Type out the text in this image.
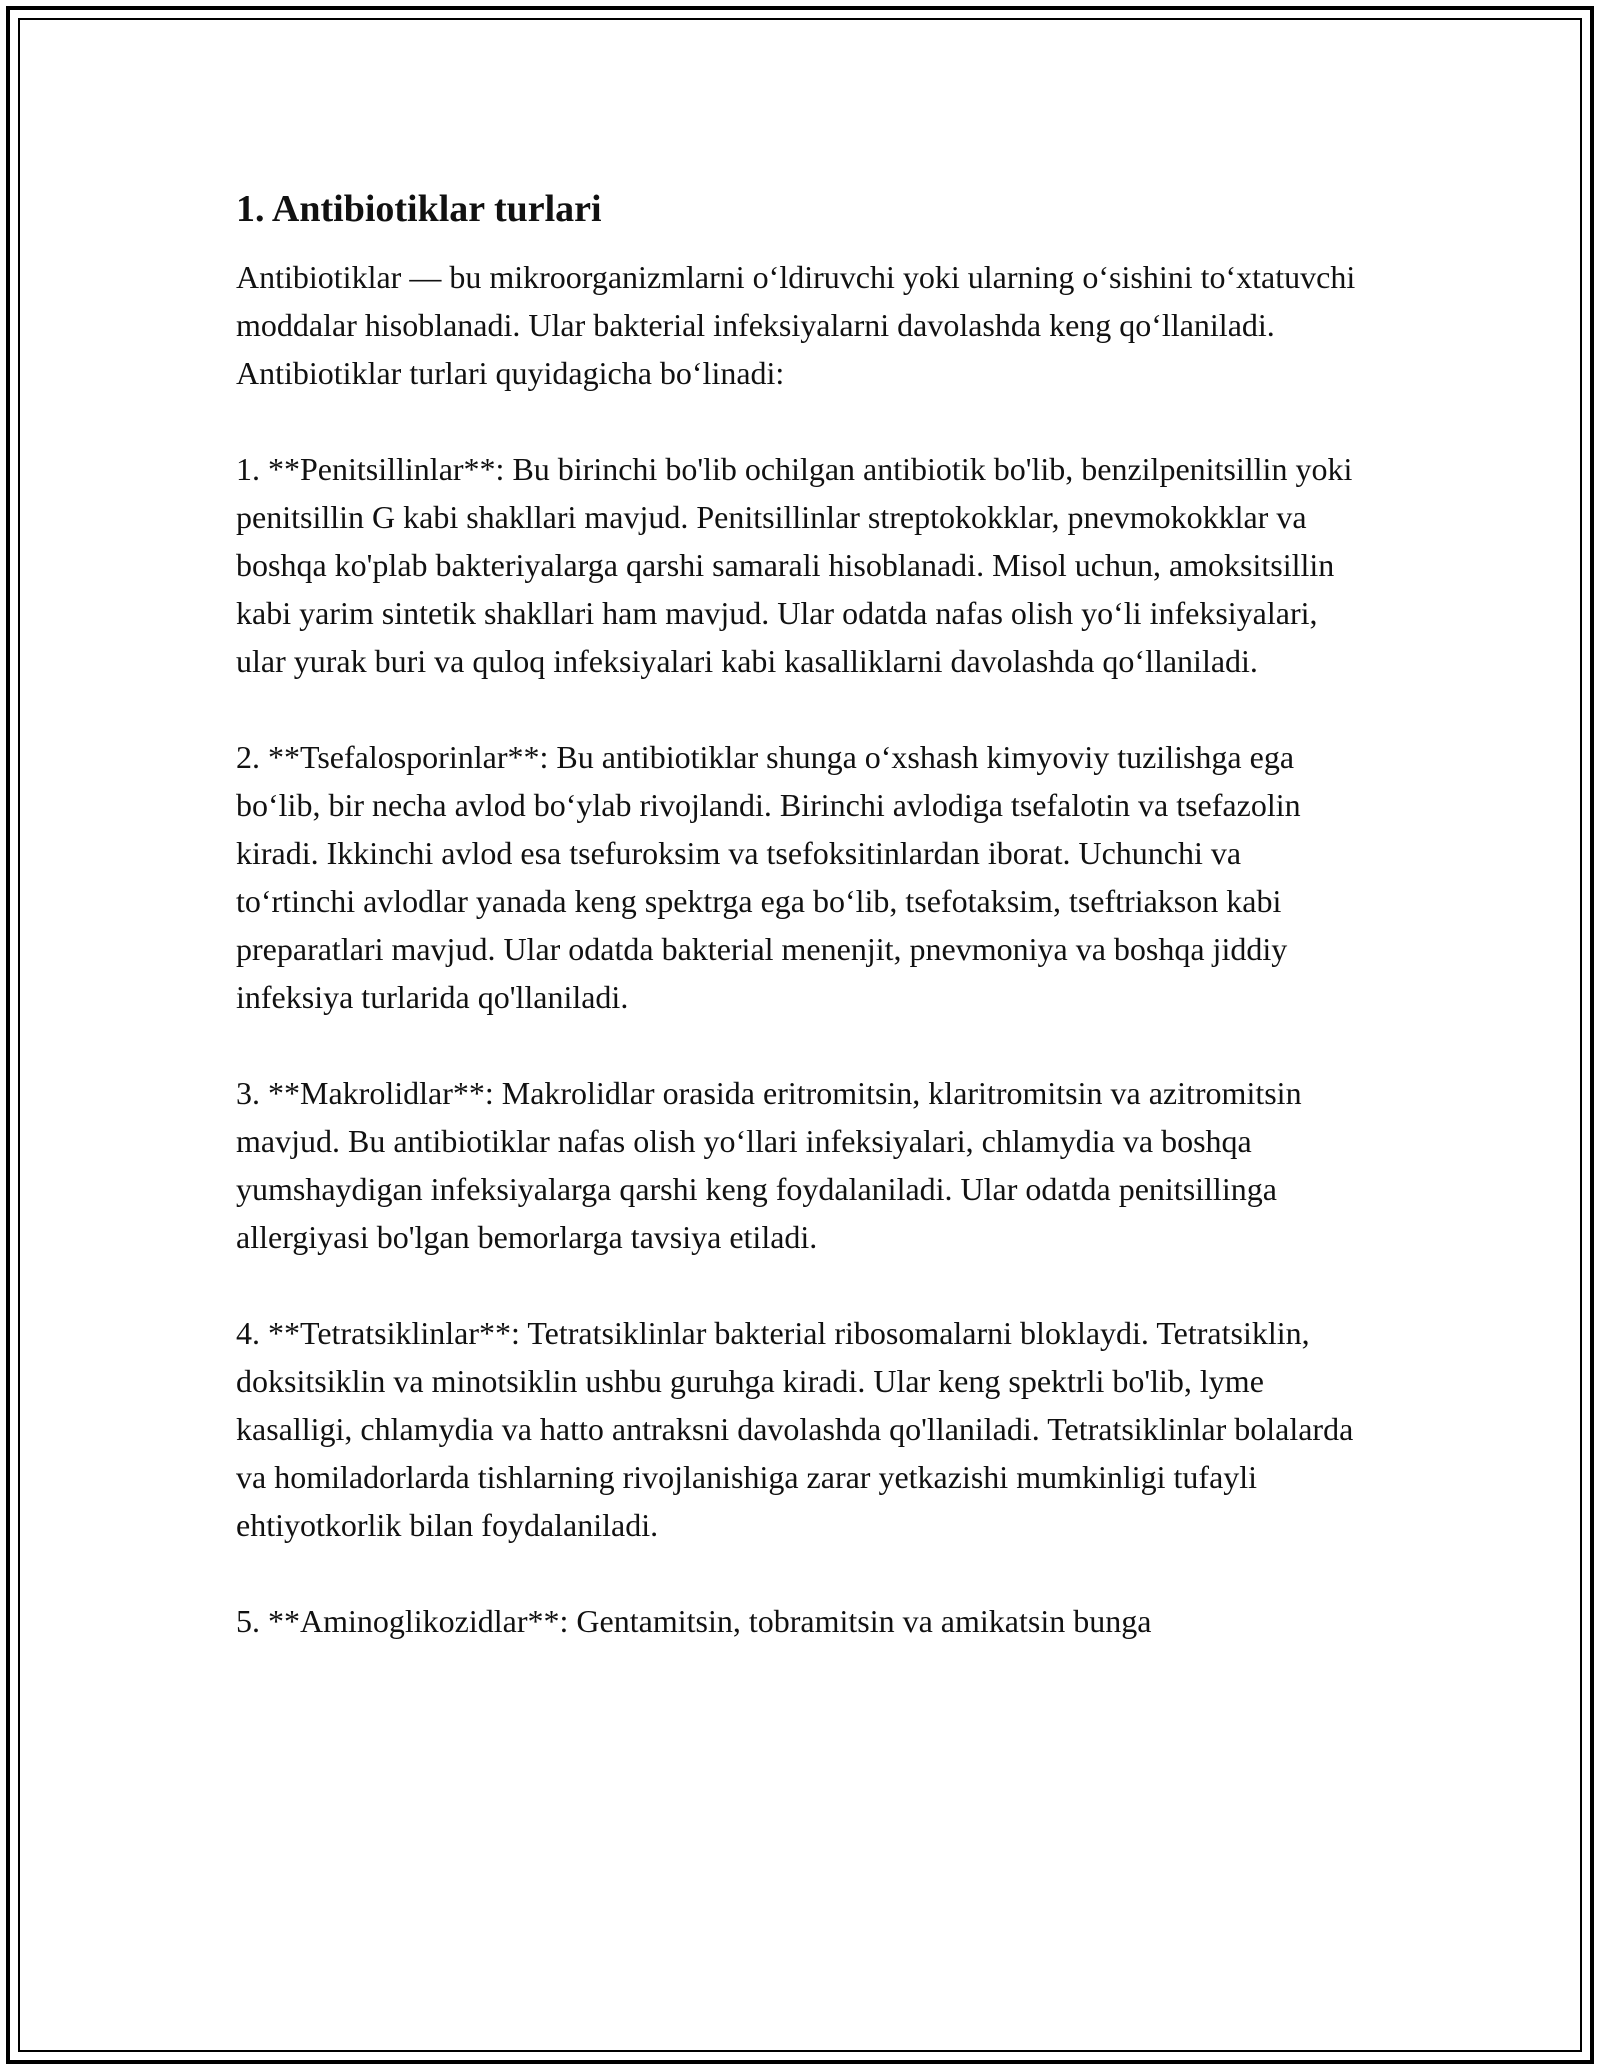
1. Antibiotiklar turlari

Antibiotiklar — bu mikroorganizmlarni oʻldiruvchi yoki ularning oʻsishini toʻxtatuvchi moddalar hisoblanadi. Ular bakterial infeksiyalarni davolashda keng qoʻllaniladi. Antibiotiklar turlari quyidagicha boʻlinadi:

1. **Penitsillinlar**: Bu birinchi bo'lib ochilgan antibiotik bo'lib, benzilpenitsillin yoki penitsillin G kabi shakllari mavjud. Penitsillinlar streptokokklar, pnevmokokklar va boshqa ko'plab bakteriyalarga qarshi samarali hisoblanadi. Misol uchun, amoksitsillin kabi yarim sintetik shakllari ham mavjud. Ular odatda nafas olish yoʻli infeksiyalari, ular yurak buri va quloq infeksiyalari kabi kasalliklarni davolashda qoʻllaniladi.

2. **Tsefalosporinlar**: Bu antibiotiklar shunga oʻxshash kimyoviy tuzilishga ega boʻlib, bir necha avlod boʻylab rivojlandi. Birinchi avlodiga tsefalotin va tsefazolin kiradi. Ikkinchi avlod esa tsefuroksim va tsefoksitinlardan iborat. Uchunchi va toʻrtinchi avlodlar yanada keng spektrga ega boʻlib, tsefotaksim, tseftriakson kabi preparatlari mavjud. Ular odatda bakterial menenjit, pnevmoniya va boshqa jiddiy infeksiya turlarida qo'llaniladi.

3. **Makrolidlar**: Makrolidlar orasida eritromitsin, klaritromitsin va azitromitsin mavjud. Bu antibiotiklar nafas olish yoʻllari infeksiyalari, chlamydia va boshqa yumshaydigan infeksiyalarga qarshi keng foydalaniladi. Ular odatda penitsillinga allergiyasi bo'lgan bemorlarga tavsiya etiladi.

4. **Tetratsiklinlar**: Tetratsiklinlar bakterial ribosomalarni bloklaydi. Tetratsiklin, doksitsiklin va minotsiklin ushbu guruhga kiradi. Ular keng spektrli bo'lib, lyme kasalligi, chlamydia va hatto antraksni davolashda qo'llaniladi. Tetratsiklinlar bolalarda va homiladorlarda tishlarning rivojlanishiga zarar yetkazishi mumkinligi tufayli ehtiyotkorlik bilan foydalaniladi.

5. **Aminoglikozidlar**: Gentamitsin, tobramitsin va amikatsin bunga
